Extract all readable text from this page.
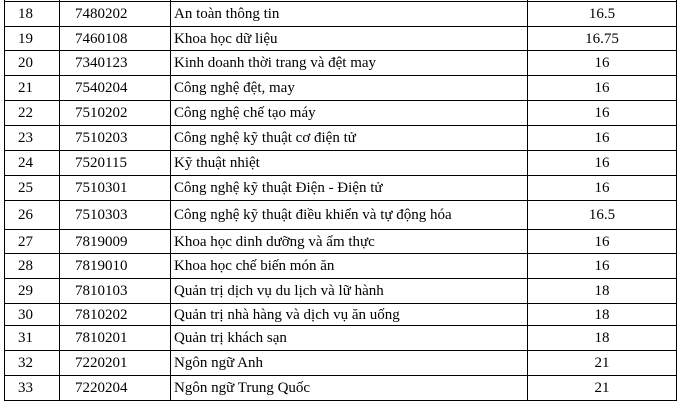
18	7480202	An toàn thông tin	16.5
19	7460108	Khoa học dữ liệu	16.75
20	7340123	Kinh doanh thời trang và đệt may	16
21	7540204	Công nghệ đệt, may	16
22	7510202	Công nghệ chế tạo máy	16
23	7510203	Công nghệ kỹ thuật cơ điện tử	16
24	7520115	Kỹ thuật nhiệt	16
25	7510301	Công nghệ kỹ thuật Điện - Điện tử	16
26	7510303	Công nghệ kỹ thuật điều khiển và tự động hóa	16.5
27	7819009	Khoa học dinh dưỡng và ẩm thực	16
28	7819010	Khoa học chế biến món ăn	16
29	7810103	Quản trị dịch vụ du lịch và lữ hành	18
30	7810202	Quản trị nhà hàng và dịch vụ ăn uống	18
31	7810201	Quản trị khách sạn	18
32	7220201	Ngôn ngữ Anh	21
33	7220204	Ngôn ngữ Trung Quốc	21
